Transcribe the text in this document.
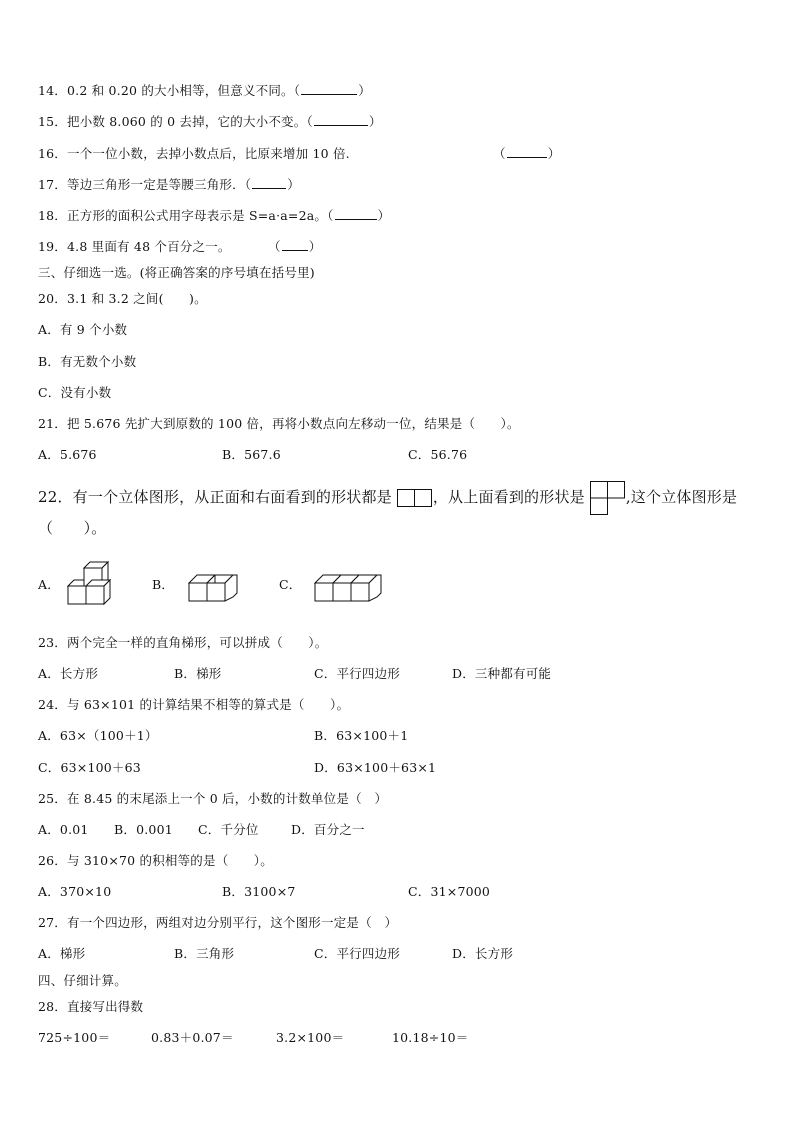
14．0.2 和 0.20 的大小相等，但意义不同。（	）
15．把小数 8.060 的 0 去掉，它的大小不变。（	）
16．一个一位小数，去掉小数点后，比原来增加 10 倍.	（	）
17．等边三角形一定是等腰三角形．（	）
18．正方形的面积公式用字母表示是 S=a·a=2a。（	）
19．4.8 里面有 48 个百分之一。	（ ）
三、仔细选一选。(将正确答案的序号填在括号里)
20．3.1 和 3.2 之间(　　)。
A．有 9 个小数
B．有无数个小数
C．没有小数
21．把 5.676 先扩大到原数的 100 倍，再将小数点向左移动一位，结果是（　　）。
A．5.676	B．567.6	C．56.76
22．有一个立体图形，从正面和右面看到的形状都是	，从上面看到的形状是	,这个立体图形是
（　　）。
A．	B．	C．
23．两个完全一样的直角梯形，可以拼成（　　）。
A．长方形	B．梯形	C．平行四边形	D．三种都有可能
24．与 63×101 的计算结果不相等的算式是（　　）。
A．63×（100＋1）	B．63×100＋1
C．63×100＋63	D．63×100＋63×1
25．在 8.45 的末尾添上一个 0 后，小数的计数单位是（　）
A．0.01 B．0.001 C．千分位	D．百分之一
26．与 310×70 的积相等的是（　　）。
A．370×10	B．3100×7	C．31×7000
27．有一个四边形，两组对边分别平行，这个图形一定是（　）
A．梯形	B．三角形	C．平行四边形	D．长方形
四、仔细计算。
28．直接写出得数
725÷100＝	0.83＋0.07＝	3.2×100＝	10.18÷10＝
